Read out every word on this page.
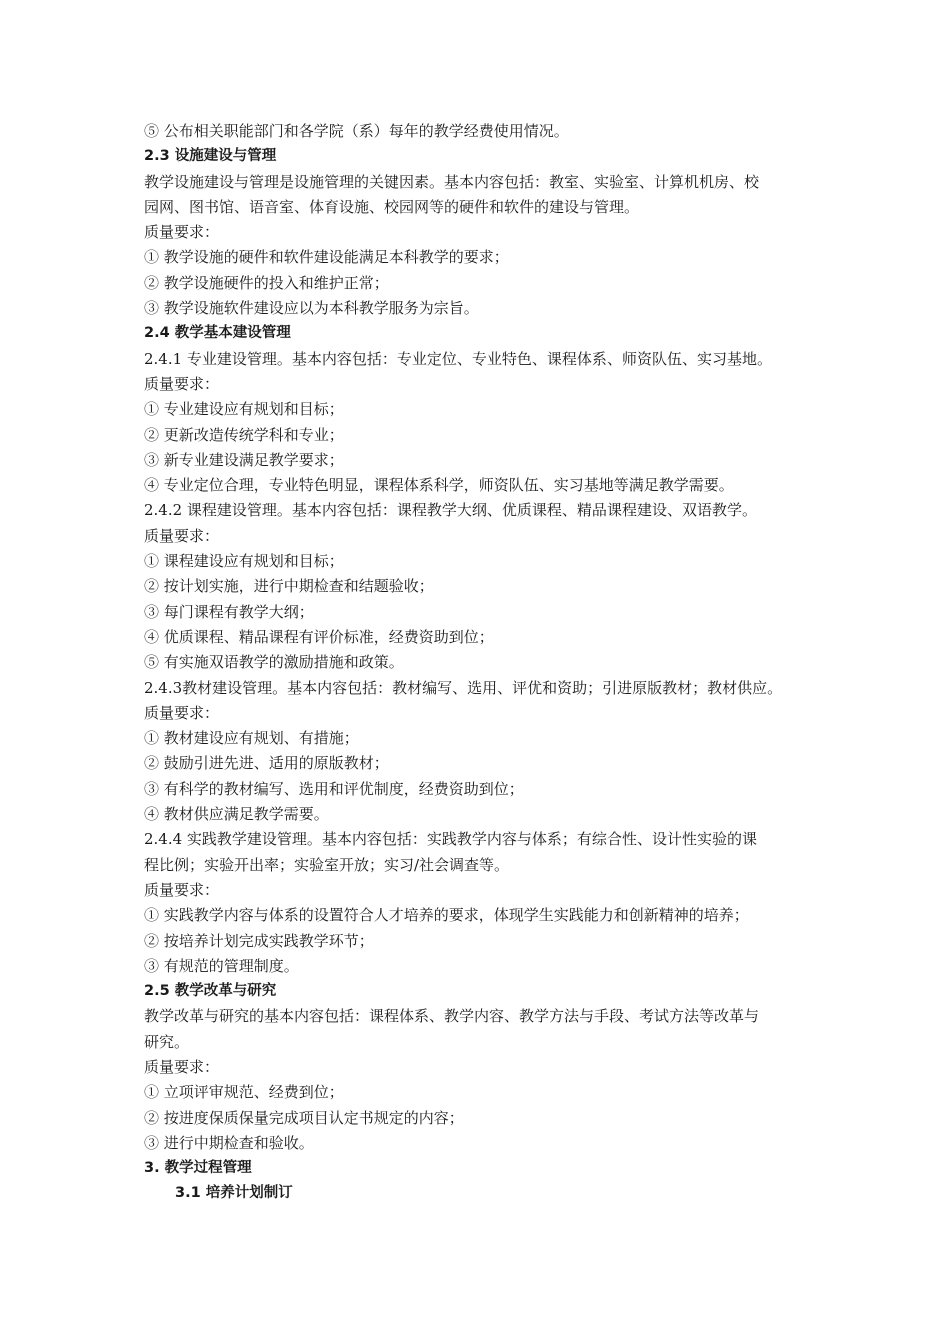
⑤ 公布相关职能部门和各学院（系）每年的教学经费使用情况。
2.3 设施建设与管理
教学设施建设与管理是设施管理的关键因素。基本内容包括：教室、实验室、计算机机房、校
园网、图书馆、语音室、体育设施、校园网等的硬件和软件的建设与管理。
质量要求：
① 教学设施的硬件和软件建设能满足本科教学的要求；
② 教学设施硬件的投入和维护正常；
③ 教学设施软件建设应以为本科教学服务为宗旨。
2.4 教学基本建设管理
2.4.1 专业建设管理。基本内容包括：专业定位、专业特色、课程体系、师资队伍、实习基地。
质量要求：
① 专业建设应有规划和目标；
② 更新改造传统学科和专业；
③ 新专业建设满足教学要求；
④ 专业定位合理，专业特色明显，课程体系科学，师资队伍、实习基地等满足教学需要。
2.4.2 课程建设管理。基本内容包括：课程教学大纲、优质课程、精品课程建设、双语教学。
质量要求：
① 课程建设应有规划和目标；
② 按计划实施，进行中期检查和结题验收；
③ 每门课程有教学大纲；
④ 优质课程、精品课程有评价标准，经费资助到位；
⑤ 有实施双语教学的激励措施和政策。
2.4.3教材建设管理。基本内容包括：教材编写、选用、评优和资助；引进原版教材；教材供应。
质量要求：
① 教材建设应有规划、有措施；
② 鼓励引进先进、适用的原版教材；
③ 有科学的教材编写、选用和评优制度，经费资助到位；
④ 教材供应满足教学需要。
2.4.4 实践教学建设管理。基本内容包括：实践教学内容与体系；有综合性、设计性实验的课
程比例；实验开出率；实验室开放；实习/社会调查等。
质量要求：
① 实践教学内容与体系的设置符合人才培养的要求，体现学生实践能力和创新精神的培养；
② 按培养计划完成实践教学环节；
③ 有规范的管理制度。
2.5 教学改革与研究
教学改革与研究的基本内容包括：课程体系、教学内容、教学方法与手段、考试方法等改革与
研究。
质量要求：
① 立项评审规范、经费到位；
② 按进度保质保量完成项目认定书规定的内容；
③ 进行中期检查和验收。
3. 教学过程管理
3.1 培养计划制订
